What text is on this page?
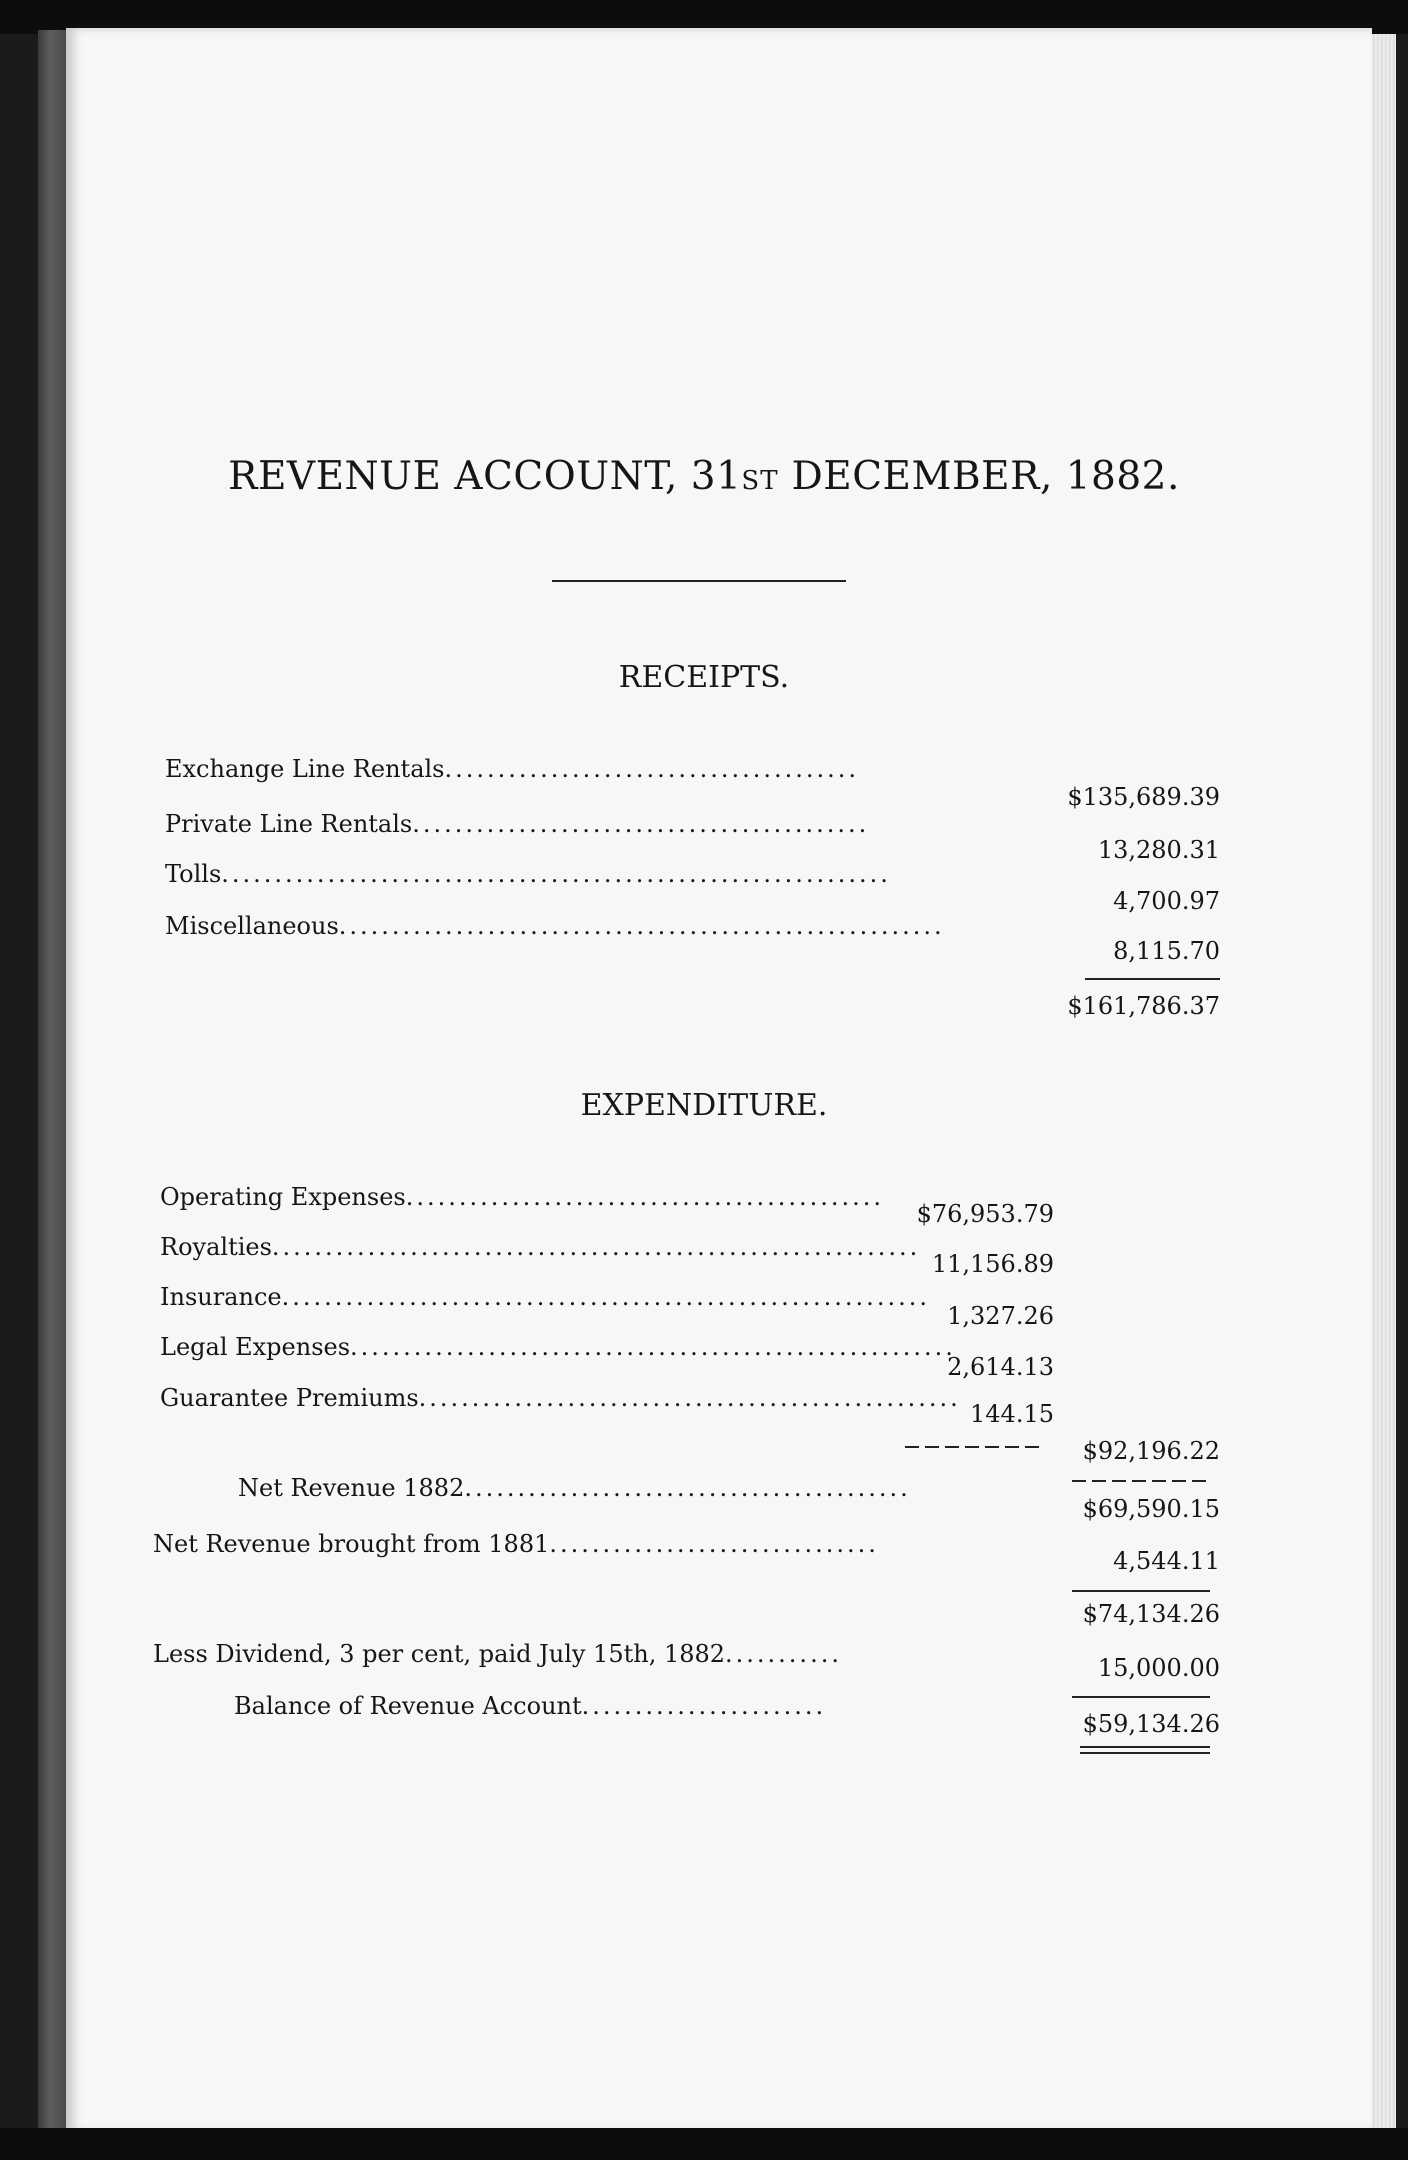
REVENUE ACCOUNT, 31ST DECEMBER, 1882.
RECEIPTS.
Exchange Line Rentals.......................................
$135,689.39
Private Line Rentals...........................................
13,280.31
Tolls...............................................................
4,700.97
Miscellaneous.........................................................
8,115.70
$161,786.37
EXPENDITURE.
Operating Expenses.............................................
$76,953.79
Royalties.............................................................
11,156.89
Insurance.............................................................
1,327.26
Legal Expenses.........................................................
2,614.13
Guarantee Premiums...................................................
144.15
$92,196.22
Net Revenue 1882..........................................
$69,590.15
Net Revenue brought from 1881...............................
4,544.11
$74,134.26
Less Dividend, 3 per cent, paid July 15th, 1882...........	15,000.00
Balance of Revenue Account.......................
$59,134.26
